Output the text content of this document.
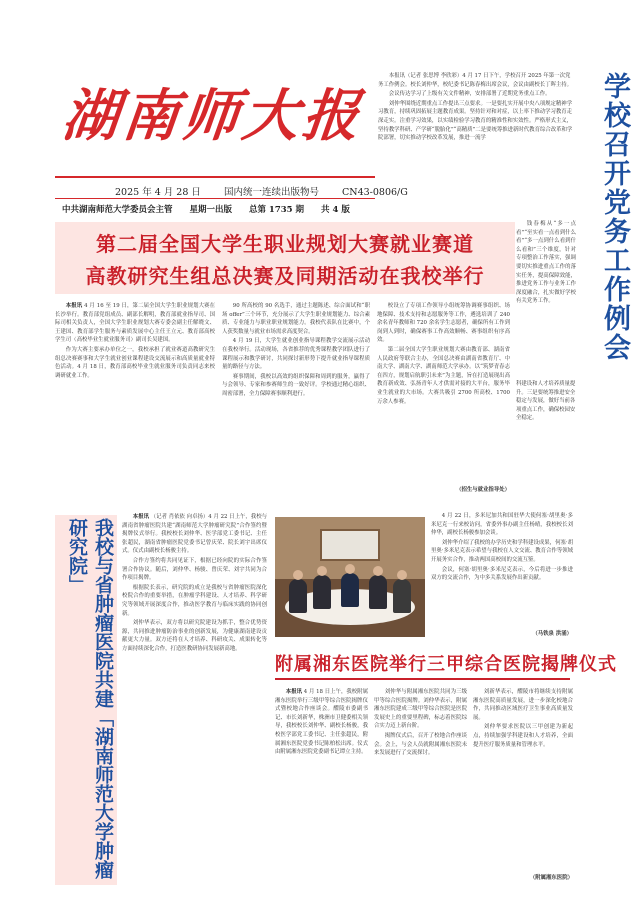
湖南师大报
2025 年 4 月 28 日 国内统一连续出版物号 CN43-0806/G
中共湖南师范大学委员会主管 星期一出版 总第 1735 期 共 4 版

本报讯（记者 张思博 李欣彩）4 月 17 日下午，学校召开 2025 年第一次党务工作例会。校长刘仲华，校纪委书记陈春梅出席会议，会议由副校长丁晖主持。

会议传达学习了上级有关文件精神，安排部署了近期党务重点工作。

刘仲华围绕近期重点工作提出三点要求。一是要扎实开展中央八项规定精神学习教育，持续巩固拓展主题教育成果。坚持针对和对症，以上率下推动学习教育走深走实。注重学习效果，以实绩检验学习教育的精准性和实效性。严格形式主义，坚持教学科研、产学研“脱胎化”“高精质”二是要统筹推进新时代教育综合改革和学院部署，切实推动学校改革发展，推进一流学	学校召开党务工作例会

科建设和人才培养质量提升。三是要统筹推进安全稳定与发展，做好当前各项重点工作，确保校园安全稳定。

钱春梅从“多一点看”“至实看一点看到什么看”“多一点到什么看到什么看和”三个维度，针对专项整治工作落实，强调要切实推进重点工作的落实任务，提高保障效能，推进党务工作与业务工作深度融合，扎实做好学校有关党务工作。

第二届全国大学生职业规划大赛就业赛道
高教研究生组总决赛及同期活动在我校举行

本报讯 4 月 16 至 19 日，第二届全国大学生职业规划大赛在长沙举行。教育部党组成员、副部长解明，教育部就业指导司、国际司相关负责人，全国大学生职业规划大赛专委会副主任解晓文、王建国、教育部学生服务与素质发展中心主任王立元、教育部高校学生司（高校毕业生就业服务司）副司长吴建国。

作为大赛主要承办单位之一，我校承担了就业赛道高教研究生组总决赛赛事和大学生就业创业课程建设交流展示和高质量就业特色活动。4 月 18 日，教育部高校毕业生就业服务司负责同志来校调研就业工作。

90 所高校的 90 名选手，通过主题陈述、综合面试和“职场 offer”三个环节，充分展示了大学生职业规划能力、综合素质、专业能力与职业职业规划能力。我校代表队在比赛中，个人获奖数量与就业市场需求高度契合。

4 月 19 日，大学生就业创业指导课程教学交流展示活动在我校举行。活动现场，各省推荐的优秀课程教学团队进行了课程展示和教学研讨，共同探讨新形势下提升就业指导课程质量的路径与方法。

赛事期间，我校以高效的组织保障和周到的服务，赢得了与会领导、专家和参赛师生的一致好评。学校通过精心组织、周密部署，全力保障赛事顺利进行。

校设立了专项工作领导小组统筹协调赛事组织、场地保障、技术支持和志愿服务等工作，遴选培训了 240 余名青年教师和 720 余名学生志愿者，确保所有工作到岗到人到时，确保赛事工作高效顺畅、赛事组织有序高效。

第二届全国大学生职业规划大赛由教育部、湖南省人民政府等联合主办，全国总决赛由湖南省教育厅、中南大学、湖南大学、湖南师范大学承办。以“筑梦青春志在四方，规划启航职引未来”为主题，旨在打造展现出高教育新成效、弘扬青年人才供需对接的大平台，服务毕业生就业的大市场。大赛共吸引 2700 所高校、1700 万余人参赛。

（招生与就业指导处）
我校与省肿瘤医院共建「湖南师范大学肿瘤研究院」

本报讯 （记者 肖依依 向卓扬）4 月 22 日上午，我校与湖南省肿瘤医院共建“湖南师范大学肿瘤研究院”合作签约暨揭牌仪式举行。我校校长刘仲华、医学部党工委书记、主任张超民，湖南省肿瘤医院党委书记曾庆荣、院长刘宇出席仪式。仪式由副校长杨骏主持。

合作方签约将共同见证下，根据已经向院的实际合作签署合作协议。随后，刘仲华、杨骏、曾庆荣、刘宇共同为合作项目揭牌。

根据院长表示，研究院的成立是我校与省肿瘤医院深化校院合作的重要举措，在肿瘤学科建设、人才培养、科学研究等领域开展深度合作，推动医学教育与临床实践的协同创新。

刘仲华表示，双方将以研究院建设为抓手，整合优势资源，共同推进肿瘤防治事业的创新发展，为健康湖南建设贡献更大力量。双方还将在人才培养、科研攻关、成果转化等方面持续深化合作，打造医教研协同发展新高地。

4 月 22 日，多米尼加共和国驻华大使何塞·胡里奥·多米尼克一行来校访问，省委外事办副主任杨晴，我校校长刘仲华，副校长杨骏参加会谈。

刘仲华介绍了我校的办学历史和学科建设成果，何塞·胡里奥·多米尼克表示希望与我校在人文交流、教育合作等领域开展务实合作，推动两国高校间的交流互鉴。

会议，何塞·胡里奥·多米尼克表示，今后将进一步推进双方的交流合作，为中多关系发展作出新贡献。

（马铁泉 洪涌）
附属湘东医院举行三甲综合医院揭牌仪式

本报讯 4 月 18 日上午，我校附属湘东医院举行三级甲等综合医院揭牌仪式暨校地合作座谈会。醴陵市委副书记、市长刘新华，株洲市卫健委相关领导，我校校长刘仲华、副校长杨骏，我校医学部党工委书记、主任张超民，附属湘东医院党委书记陈柏松出席。仪式由附属湘东医院党委副书记谭立主持。

刘仲华与附属湘东医院共同为三级甲等综合医院揭牌。刘仲华表示，附属湘东医院建成三级甲等综合医院是医院发展史上的重要里程碑，标志着医院综合实力迈上新台阶。

揭牌仪式后，召开了校地合作座谈会。会上，与会人员就附属湘东医院未来发展进行了交流探讨。

刘新华表示，醴陵市将继续支持附属湘东医院高质量发展，进一步深化校地合作，共同推动区域医疗卫生事业高质量发展。

刘仲华要求医院以三甲创建为新起点，持续加强学科建设和人才培养，全面提升医疗服务质量和管理水平。

（附属湘东医院）
